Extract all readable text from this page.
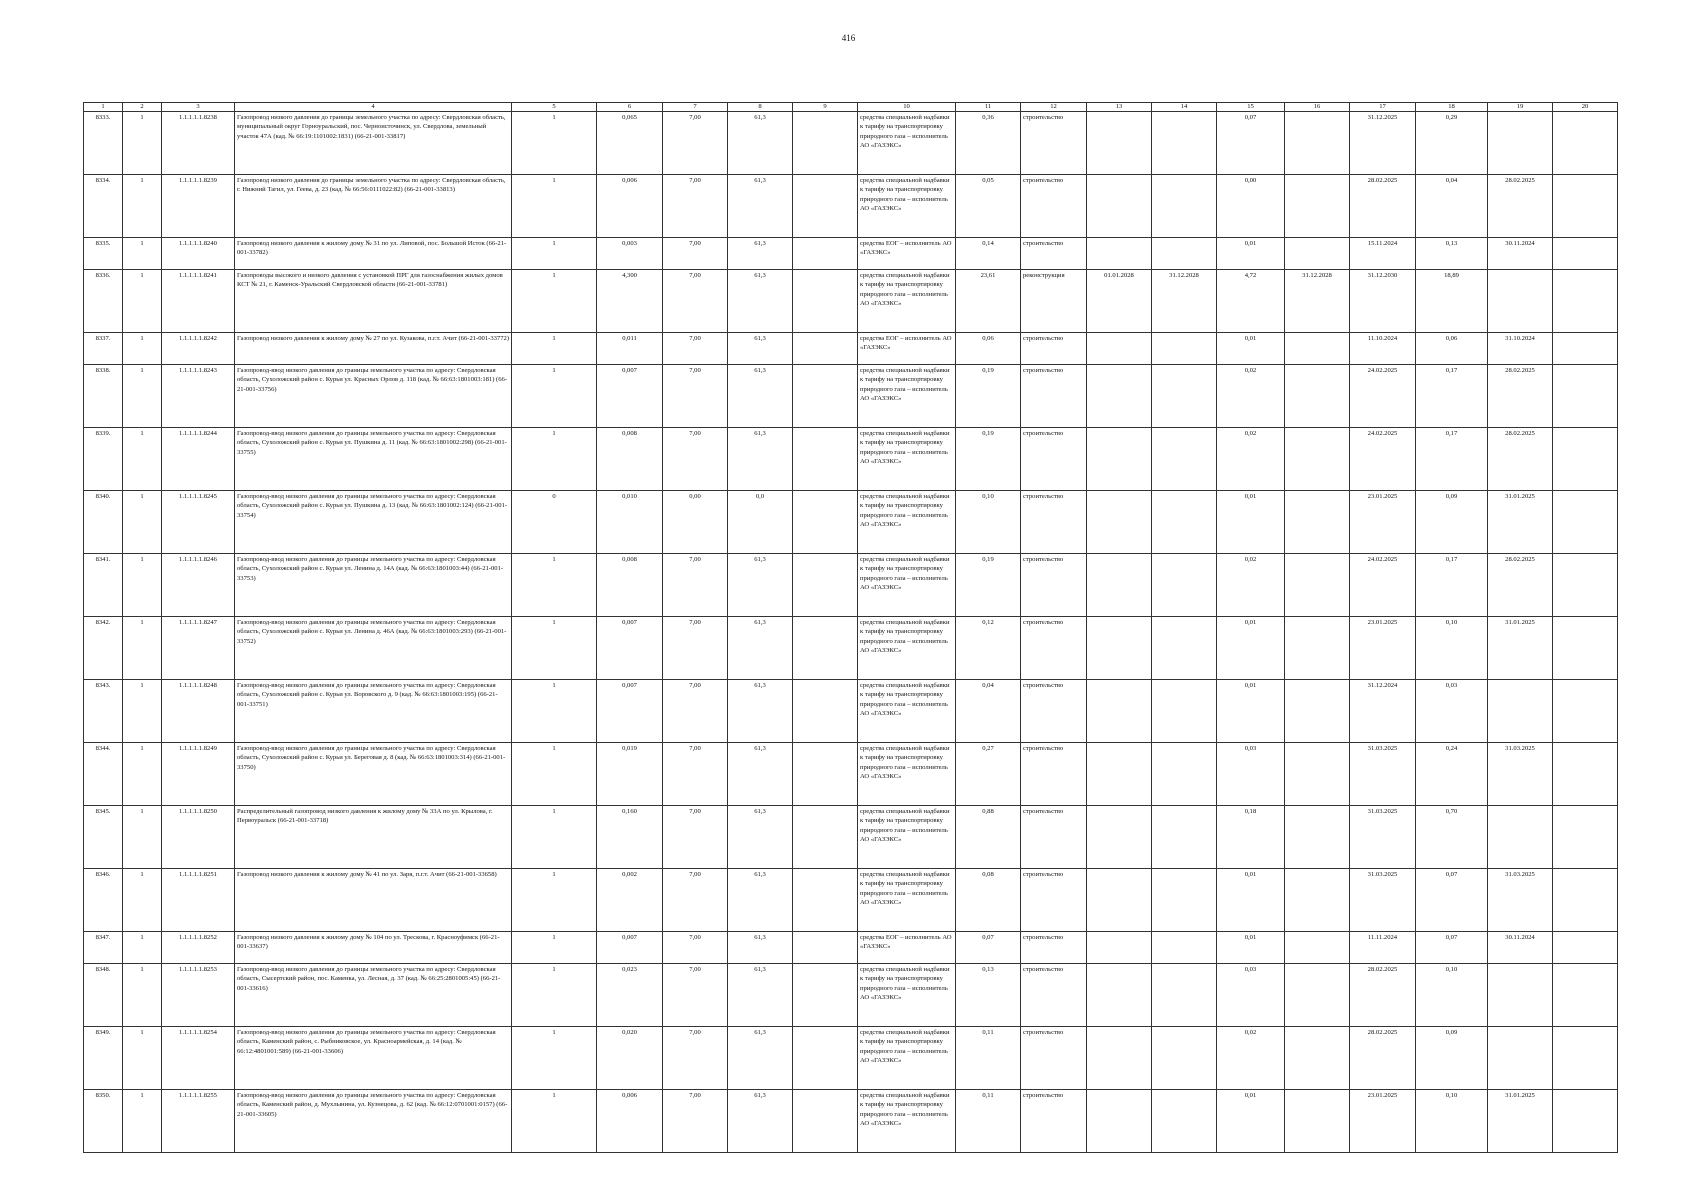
416
1	2	3	4	5	6	7	8	9	10	11	12	13	14	15	16	17	18	19	20
8333.	1	1.1.1.1.1.8238	Газопровод низкого давления до границы земельного участка по адресу: Свердловская область, муниципальный округ Горноуральский, пос. Черноисточинск, ул. Свердлова, земельный участок 47А (кад. № 66:19:1101002:1831) (66-21-001-33817)	1	0,065	7,00	61,3		средства специальной надбавки к тарифу на транспортировку природного газа – исполнитель АО «ГАЗЭКС»	0,36	строительство			0,07		31.12.2025	0,29		
8334.	1	1.1.1.1.1.8239	Газопровод низкого давления до границы земельного участка по адресу: Свердловская область, г. Нижний Тагил, ул. Геева, д. 23 (кад. № 66:56:0111022:82) (66-21-001-33813)	1	0,006	7,00	61,3		средства специальной надбавки к тарифу на транспортировку природного газа – исполнитель АО «ГАЗЭКС»	0,05	строительство			0,00		28.02.2025	0,04	28.02.2025	
8335.	1	1.1.1.1.1.8240	Газопровод низкого давления к жилому дому № 31 по ул. Липовой, пос. Большой Исток (66-21-001-33782)	1	0,003	7,00	61,3		средства ЕОГ – исполнитель АО «ГАЗЭКС»	0,14	строительство			0,01		15.11.2024	0,13	30.11.2024	
8336.	1	1.1.1.1.1.8241	Газопроводы высокого и низкого давления с установкой ПРГ для газоснабжения жилых домов КСТ № 21, г. Каменск-Уральский Свердловской области (66-21-001-33781)	1	4,300	7,00	61,3		средства специальной надбавки к тарифу на транспортировку природного газа – исполнитель АО «ГАЗЭКС»	23,61	реконструкция	01.01.2028	31.12.2028	4,72	31.12.2028	31.12.2030	18,89		
8337.	1	1.1.1.1.1.8242	Газопровод низкого давления к жилому дому № 27 по ул. Кузакова, п.г.т. Ачит (66-21-001-33772)	1	0,011	7,00	61,3		средства ЕОГ – исполнитель АО «ГАЗЭКС»	0,06	строительство			0,01		11.10.2024	0,06	31.10.2024	
8338.	1	1.1.1.1.1.8243	Газопровод-ввод низкого давления до границы земельного участка по адресу: Свердловская область, Сухоложский район с. Курьи ул. Красных Орлов д. 118 (кад. № 66:63:1801003:181) (66-21-001-33756)	1	0,007	7,00	61,3		средства специальной надбавки к тарифу на транспортировку природного газа – исполнитель АО «ГАЗЭКС»	0,19	строительство			0,02		24.02.2025	0,17	28.02.2025	
8339.	1	1.1.1.1.1.8244	Газопровод-ввод низкого давления до границы земельного участка по адресу: Свердловская область, Сухоложский район с. Курьи ул. Пушкина д. 11 (кад. № 66:63:1801002:298) (66-21-001-33755)	1	0,008	7,00	61,3		средства специальной надбавки к тарифу на транспортировку природного газа – исполнитель АО «ГАЗЭКС»	0,19	строительство			0,02		24.02.2025	0,17	28.02.2025	
8340.	1	1.1.1.1.1.8245	Газопровод-ввод низкого давления до границы земельного участка по адресу: Свердловская область, Сухоложский район с. Курьи ул. Пушкина д. 13 (кад. № 66:63:1801002:124) (66-21-001-33754)	0	0,010	0,00	0,0		средства специальной надбавки к тарифу на транспортировку природного газа – исполнитель АО «ГАЗЭКС»	0,10	строительство			0,01		23.01.2025	0,09	31.01.2025	
8341.	1	1.1.1.1.1.8246	Газопровод-ввод низкого давления до границы земельного участка по адресу: Свердловская область, Сухоложский район с. Курьи ул. Ленина д. 14А (кад. № 66:63:1801003:44) (66-21-001-33753)	1	0,008	7,00	61,3		средства специальной надбавки к тарифу на транспортировку природного газа – исполнитель АО «ГАЗЭКС»	0,19	строительство			0,02		24.02.2025	0,17	28.02.2025	
8342.	1	1.1.1.1.1.8247	Газопровод-ввод низкого давления до границы земельного участка по адресу: Свердловская область, Сухоложский район с. Курьи ул. Ленина д. 46А (кад. № 66:63:1801003:293) (66-21-001-33752)	1	0,007	7,00	61,3		средства специальной надбавки к тарифу на транспортировку природного газа – исполнитель АО «ГАЗЭКС»	0,12	строительство			0,01		23.01.2025	0,10	31.01.2025	
8343.	1	1.1.1.1.1.8248	Газопровод-ввод низкого давления до границы земельного участка по адресу: Свердловская область, Сухоложский район с. Курьи ул. Воровского д. 9 (кад. № 66:63:1801003:195) (66-21-001-33751)	1	0,007	7,00	61,3		средства специальной надбавки к тарифу на транспортировку природного газа – исполнитель АО «ГАЗЭКС»	0,04	строительство			0,01		31.12.2024	0,03		
8344.	1	1.1.1.1.1.8249	Газопровод-ввод низкого давления до границы земельного участка по адресу: Свердловская область, Сухоложский район с. Курьи ул. Береговая д. 8 (кад. № 66:63:1801003:314) (66-21-001-33750)	1	0,019	7,00	61,3		средства специальной надбавки к тарифу на транспортировку природного газа – исполнитель АО «ГАЗЭКС»	0,27	строительство			0,03		31.03.2025	0,24	31.03.2025	
8345.	1	1.1.1.1.1.8250	Распределительный газопровод низкого давления к жилому дому № 33А по ул. Крылова, г. Первоуральск (66-21-001-33718)	1	0,160	7,00	61,3		средства специальной надбавки к тарифу на транспортировку природного газа – исполнитель АО «ГАЗЭКС»	0,88	строительство			0,18		31.03.2025	0,70		
8346.	1	1.1.1.1.1.8251	Газопровод низкого давления к жилому дому № 41 по ул. Заря, п.г.т. Ачит (66-21-001-33658)	1	0,002	7,00	61,3		средства специальной надбавки к тарифу на транспортировку природного газа – исполнитель АО «ГАЗЭКС»	0,08	строительство			0,01		31.03.2025	0,07	31.03.2025	
8347.	1	1.1.1.1.1.8252	Газопровод низкого давления к жилому дому № 104 по ул. Трескова, г. Красноуфимск (66-21-001-33637)	1	0,007	7,00	61,3		средства ЕОГ – исполнитель АО «ГАЗЭКС»	0,07	строительство			0,01		11.11.2024	0,07	30.11.2024	
8348.	1	1.1.1.1.1.8253	Газопровод-ввод низкого давления до границы земельного участка по адресу: Свердловская область, Сысертский район, пос. Каменка, ул. Лесная, д. 37 (кад. № 66:25:2801005:45) (66-21-001-33616)	1	0,023	7,00	61,3		средства специальной надбавки к тарифу на транспортировку природного газа – исполнитель АО «ГАЗЭКС»	0,13	строительство			0,03		28.02.2025	0,10		
8349.	1	1.1.1.1.1.8254	Газопровод-ввод низкого давления до границы земельного участка по адресу: Свердловская область, Каменский район, с. Рыбниковское, ул. Красноармейская, д. 14 (кад. № 66:12:4801001:589) (66-21-001-33606)	1	0,020	7,00	61,3		средства специальной надбавки к тарифу на транспортировку природного газа – исполнитель АО «ГАЗЭКС»	0,11	строительство			0,02		28.02.2025	0,09		
8350.	1	1.1.1.1.1.8255	Газопровод-ввод низкого давления до границы земельного участка по адресу: Свердловская область, Каменский район, д. Мухлынина, ул. Кузнецова, д. 62 (кад. № 66:12:0701001:0157) (66-21-001-33605)	1	0,006	7,00	61,3		средства специальной надбавки к тарифу на транспортировку природного газа – исполнитель АО «ГАЗЭКС»	0,11	строительство			0,01		23.01.2025	0,10	31.01.2025	
